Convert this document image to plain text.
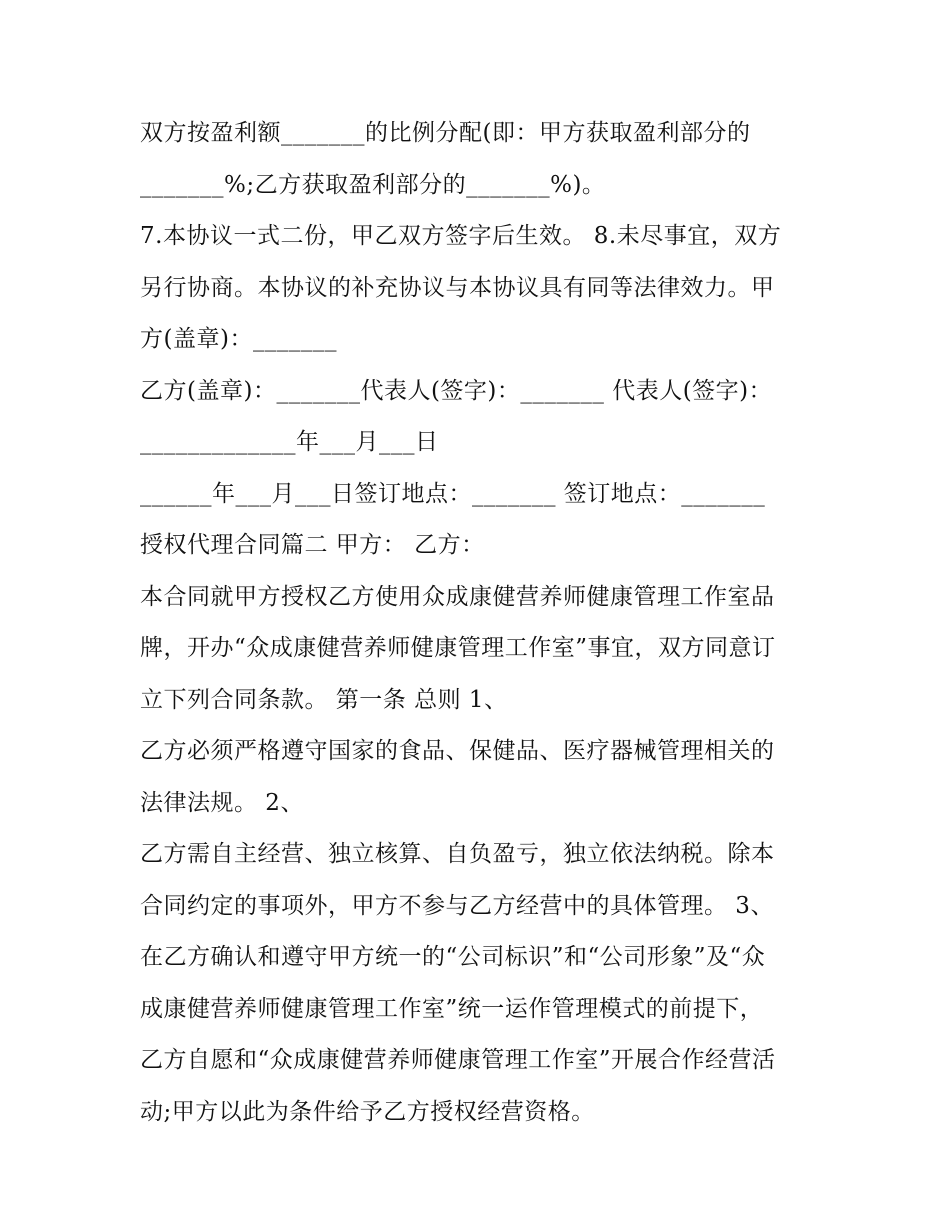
双方按盈利额_______的比例分配(即：甲方获取盈利部分的
_______%;乙方获取盈利部分的_______%)。
7.本协议一式二份，甲乙双方签字后生效。 8.未尽事宜，双方
另行协商。本协议的补充协议与本协议具有同等法律效力。甲
方(盖章)：_______
乙方(盖章)：_______代表人(签字)：_______ 代表人(签字)：
_____________年___月___日
______年___月___日签订地点：_______ 签订地点：_______
授权代理合同篇二 甲方： 乙方：
本合同就甲方授权乙方使用众成康健营养师健康管理工作室品
牌，开办“众成康健营养师健康管理工作室”事宜，双方同意订
立下列合同条款。 第一条 总则 1、
乙方必须严格遵守国家的食品、保健品、医疗器械管理相关的
法律法规。 2、
乙方需自主经营、独立核算、自负盈亏，独立依法纳税。除本
合同约定的事项外，甲方不参与乙方经营中的具体管理。 3、
在乙方确认和遵守甲方统一的“公司标识”和“公司形象”及“众
成康健营养师健康管理工作室”统一运作管理模式的前提下，
乙方自愿和“众成康健营养师健康管理工作室”开展合作经营活
动;甲方以此为条件给予乙方授权经营资格。
